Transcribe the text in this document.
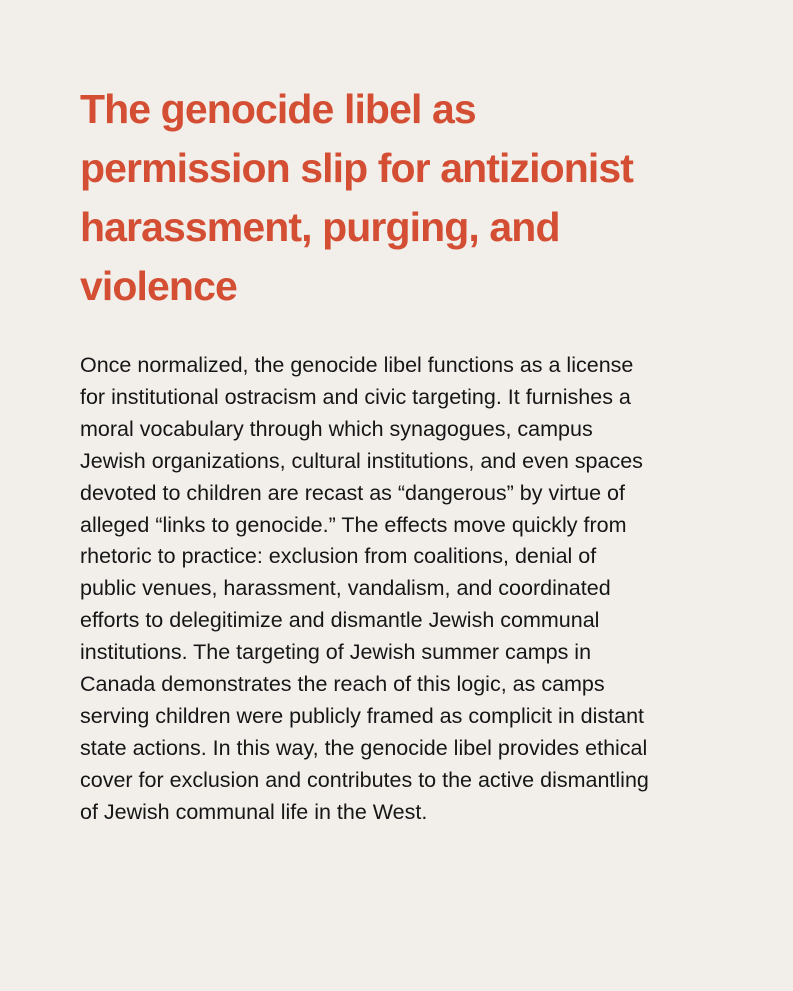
The genocide libel as
permission slip for antizionist
harassment, purging, and
violence

Once normalized, the genocide libel functions as a license
for institutional ostracism and civic targeting. It furnishes a
moral vocabulary through which synagogues, campus
Jewish organizations, cultural institutions, and even spaces
devoted to children are recast as “dangerous” by virtue of
alleged “links to genocide.” The effects move quickly from
rhetoric to practice: exclusion from coalitions, denial of
public venues, harassment, vandalism, and coordinated
efforts to delegitimize and dismantle Jewish communal
institutions. The targeting of Jewish summer camps in
Canada demonstrates the reach of this logic, as camps
serving children were publicly framed as complicit in distant
state actions. In this way, the genocide libel provides ethical
cover for exclusion and contributes to the active dismantling
of Jewish communal life in the West.
